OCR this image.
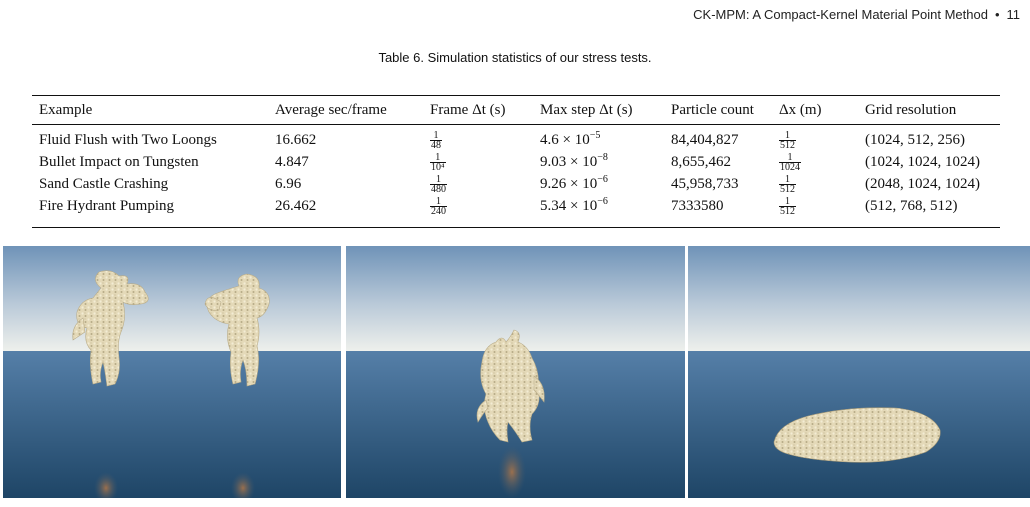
CK-MPM: A Compact-Kernel Material Point Method • 11
Table 6. Simulation statistics of our stress tests.
Example	Average sec/frame	Frame Δt (s)	Max step Δt (s)	Particle count	Δx (m)	Grid resolution
Fluid Flush with Two Loongs	16.662	$\frac{1}{48}$	$4.6 \times 10^{-5}$	84,404,827	$\frac{1}{512}$	(1024, 512, 256)
Bullet Impact on Tungsten	4.847	$\frac{1}{\text{10⁴}}$	$9.03 \times 10^{-8}$	8,655,462	$\frac{1}{1024}$	(1024, 1024, 1024)
Sand Castle Crashing	6.96	$\frac{1}{480}$	$9.26 \times 10^{-6}$	45,958,733	$\frac{1}{512}$	(2048, 1024, 1024)
Fire Hydrant Pumping	26.462	$\frac{1}{240}$	$5.34 \times 10^{-6}$	7333580	$\frac{1}{512}$	(512, 768, 512)
